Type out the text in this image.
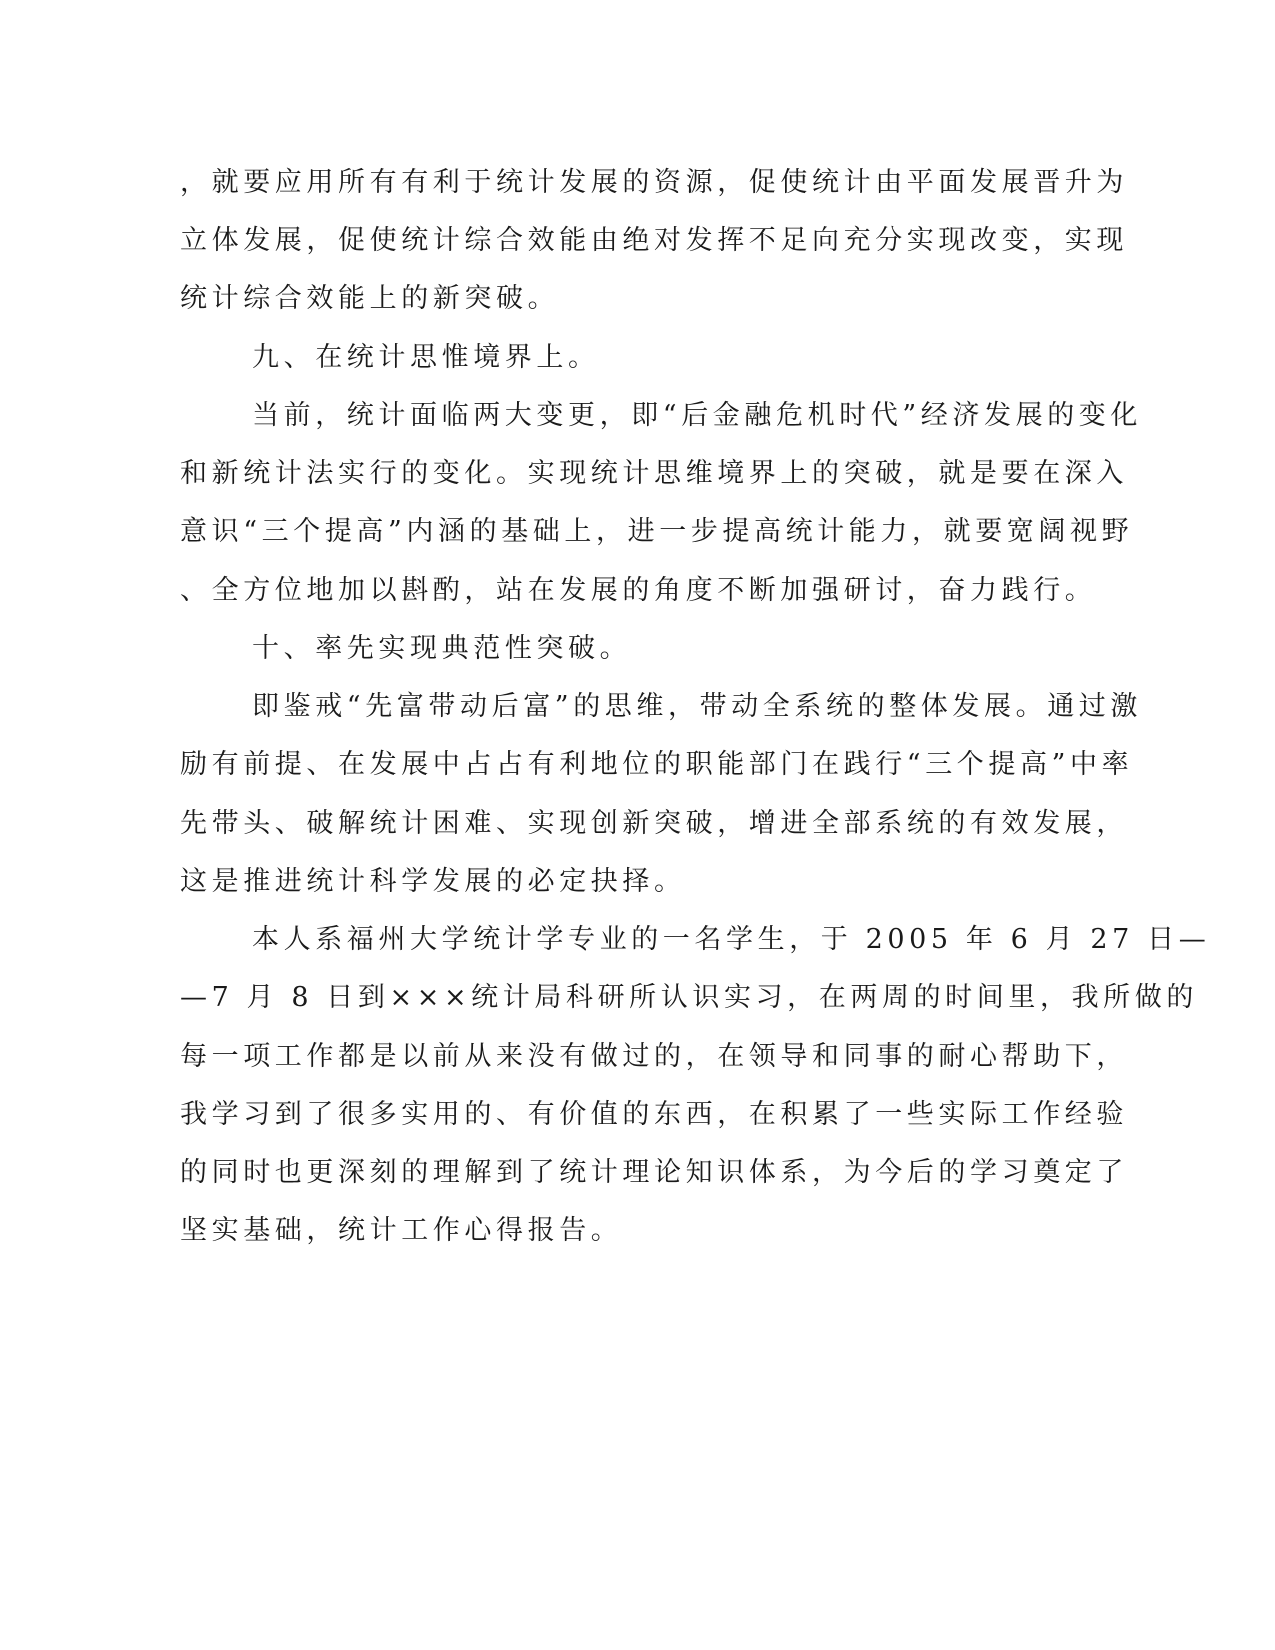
，就要应用所有有利于统计发展的资源，促使统计由平面发展晋升为
立体发展，促使统计综合效能由绝对发挥不足向充分实现改变，实现
统计综合效能上的新突破。
九、在统计思惟境界上。
当前，统计面临两大变更，即“后金融危机时代”经济发展的变化
和新统计法实行的变化。实现统计思维境界上的突破，就是要在深入
意识“三个提高”内涵的基础上，进一步提高统计能力，就要宽阔视野
、全方位地加以斟酌，站在发展的角度不断加强研讨，奋力践行。
十、率先实现典范性突破。
即鉴戒“先富带动后富”的思维，带动全系统的整体发展。通过激
励有前提、在发展中占占有利地位的职能部门在践行“三个提高”中率
先带头、破解统计困难、实现创新突破，增进全部系统的有效发展，
这是推进统计科学发展的必定抉择。
本人系福州大学统计学专业的一名学生，于 2005 年 6 月 27 日—
—7 月 8 日到×××统计局科研所认识实习，在两周的时间里，我所做的
每一项工作都是以前从来没有做过的，在领导和同事的耐心帮助下，
我学习到了很多实用的、有价值的东西，在积累了一些实际工作经验
的同时也更深刻的理解到了统计理论知识体系，为今后的学习奠定了
坚实基础，统计工作心得报告。
